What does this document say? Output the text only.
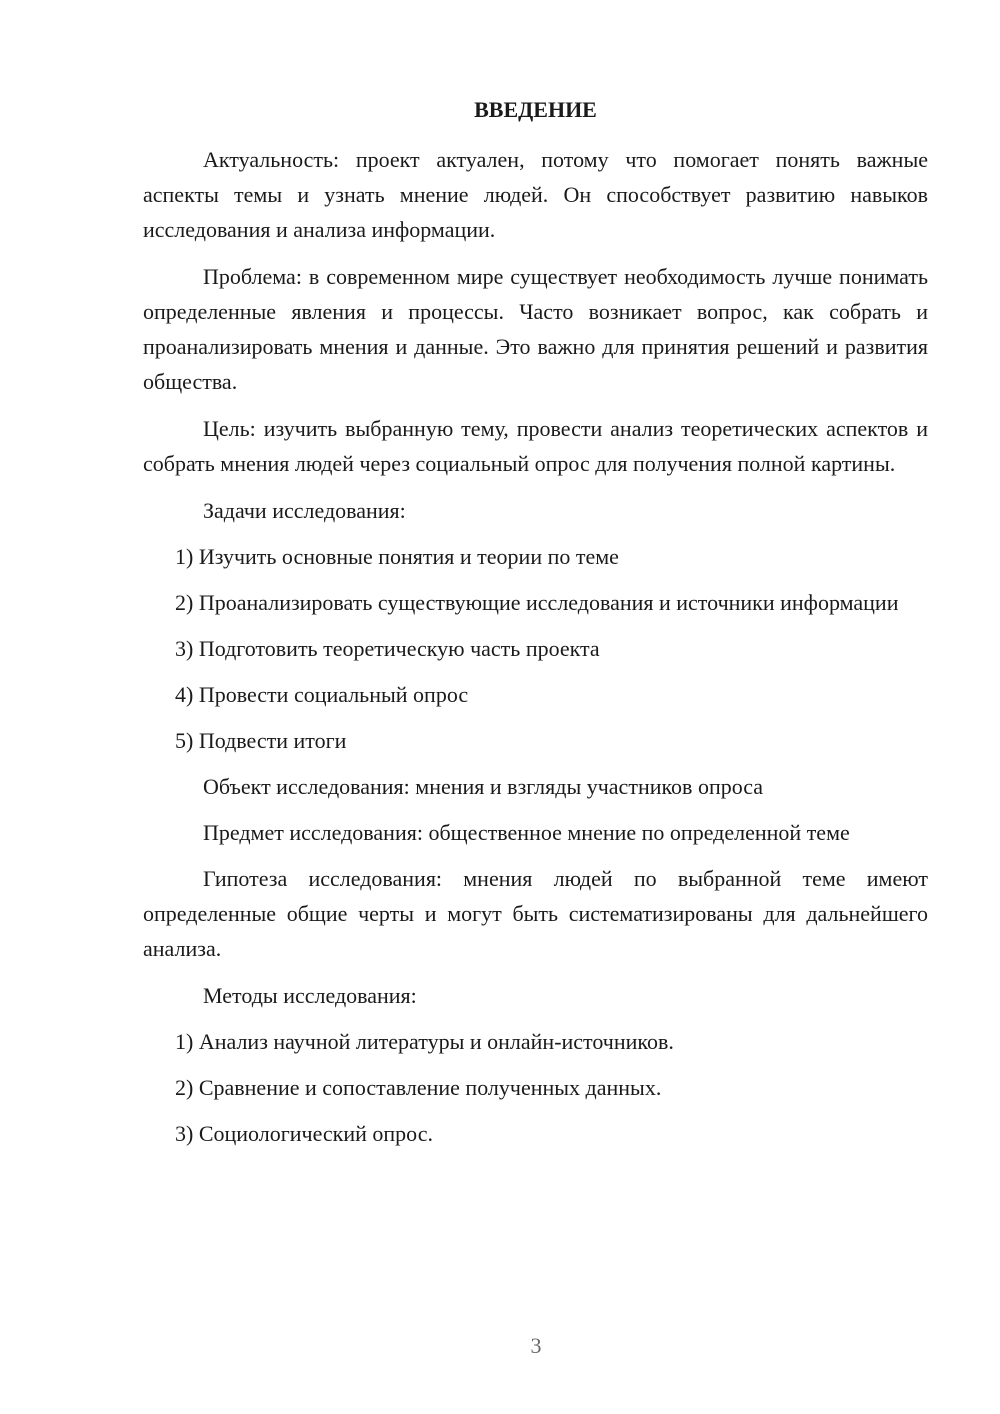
ВВЕДЕНИЕ
Актуальность: проект актуален, потому что помогает понять важные аспекты темы и узнать мнение людей. Он способствует развитию навыков исследования и анализа информации.
Проблема: в современном мире существует необходимость лучше понимать определенные явления и процессы. Часто возникает вопрос, как собрать и проанализировать мнения и данные. Это важно для принятия решений и развития общества.
Цель: изучить выбранную тему, провести анализ теоретических аспектов и собрать мнения людей через социальный опрос для получения полной картины.
Задачи исследования:
1) Изучить основные понятия и теории по теме
2) Проанализировать существующие исследования и источники информации
3) Подготовить теоретическую часть проекта
4) Провести социальный опрос
5) Подвести итоги
Объект исследования: мнения и взгляды участников опроса
Предмет исследования: общественное мнение по определенной теме
Гипотеза исследования: мнения людей по выбранной теме имеют определенные общие черты и могут быть систематизированы для дальнейшего анализа.
Методы исследования:
1) Анализ научной литературы и онлайн-источников.
2) Сравнение и сопоставление полученных данных.
3) Социологический опрос.
3
